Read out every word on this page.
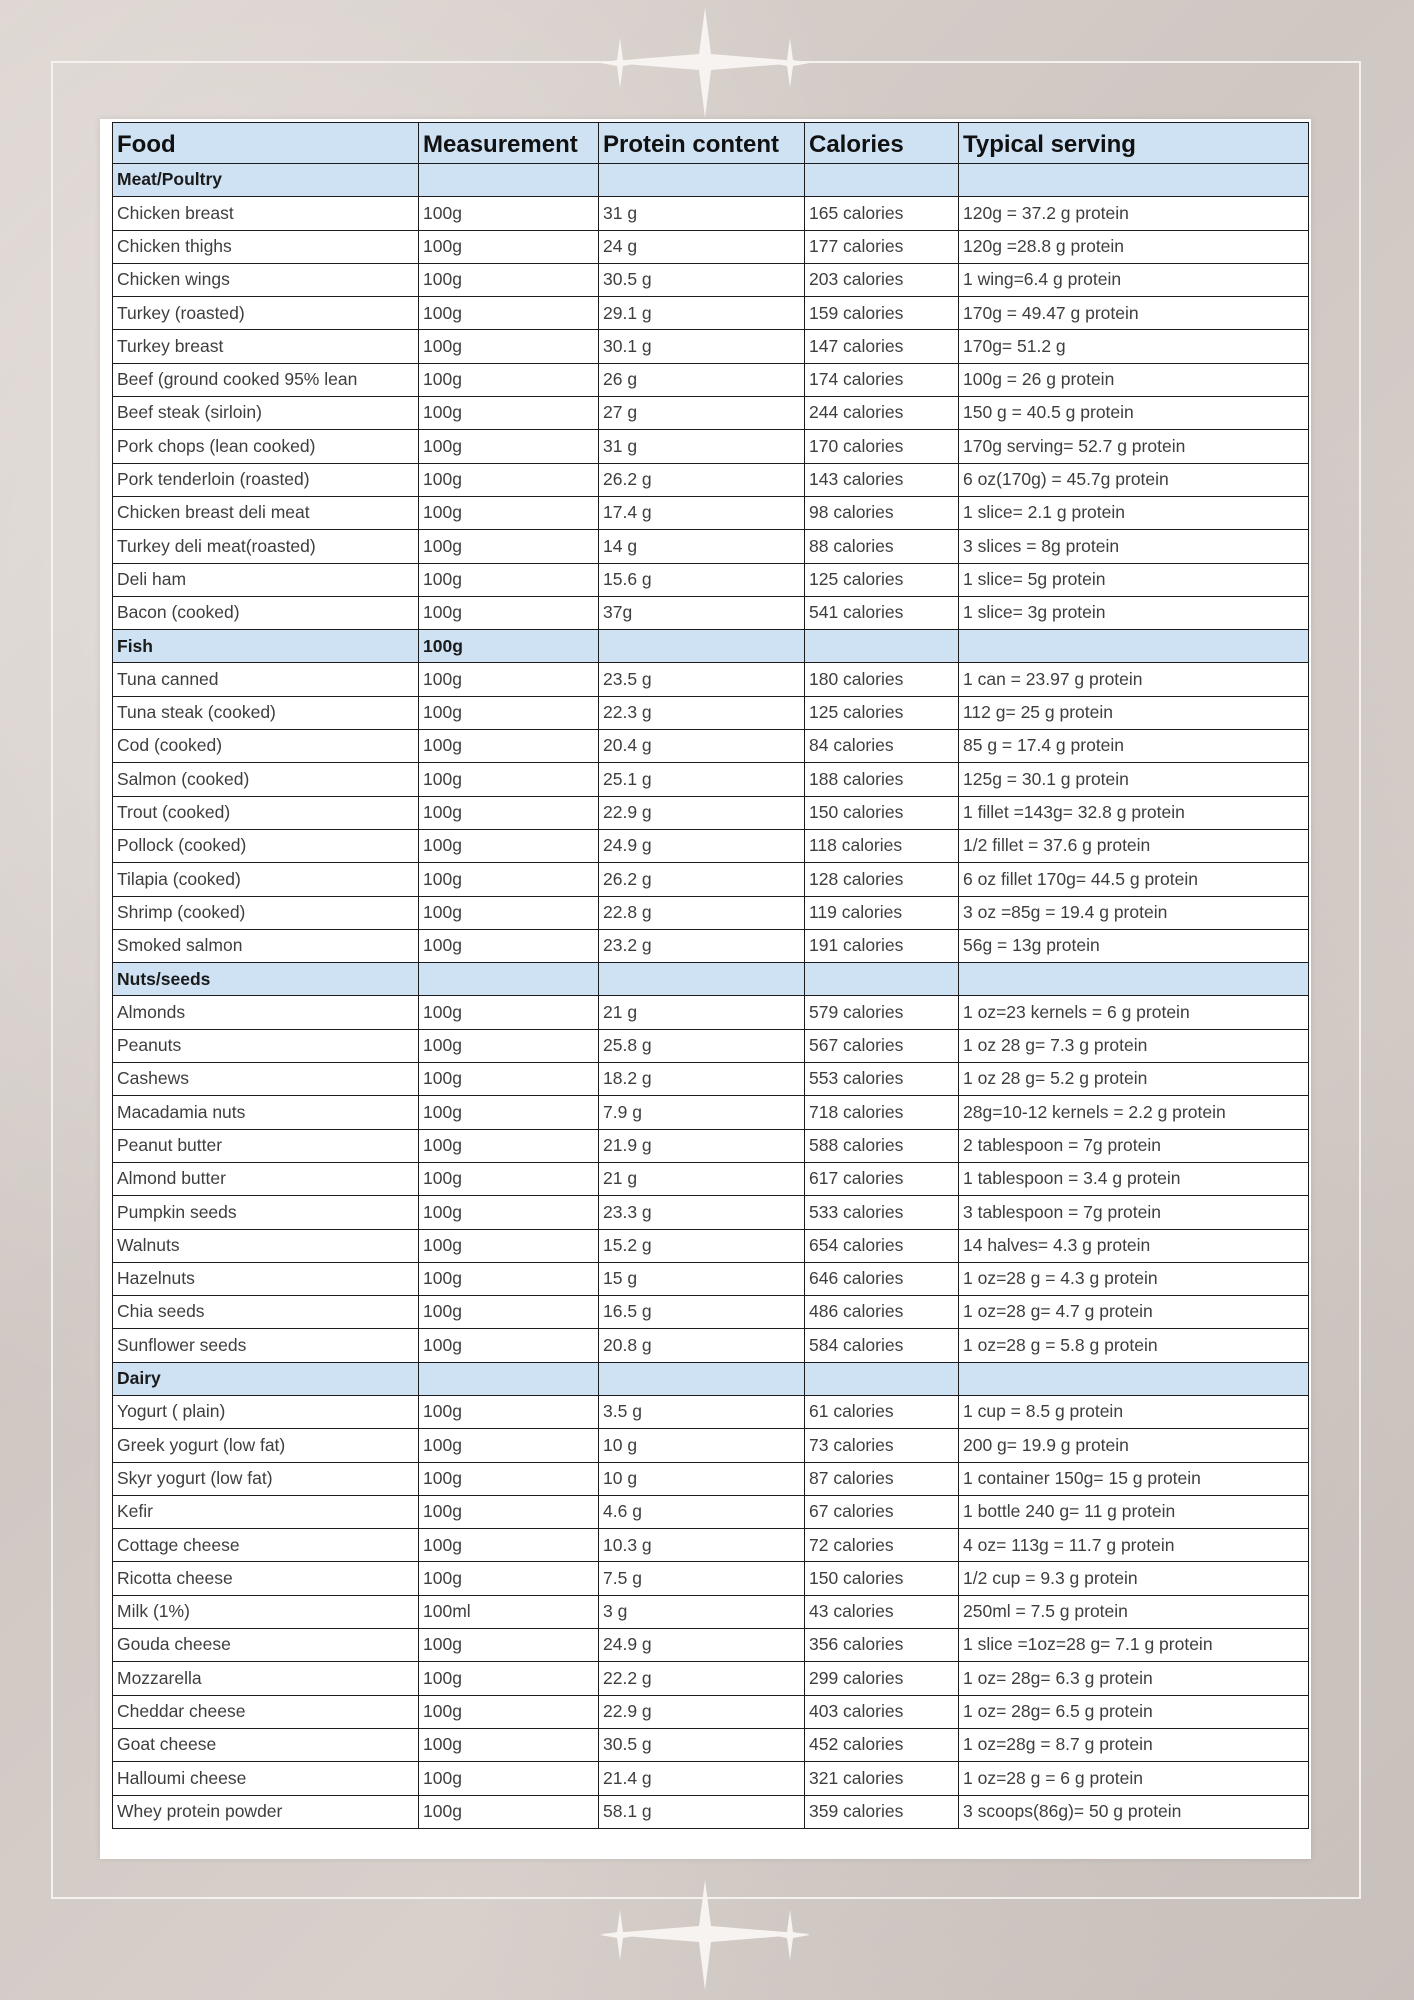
Food	Measurement	Protein content	Calories	Typical serving
Meat/Poultry				
Chicken breast	100g	31 g	165 calories	120g = 37.2 g protein
Chicken thighs	100g	24 g	177 calories	120g =28.8 g protein
Chicken wings	100g	30.5 g	203 calories	1 wing=6.4 g protein
Turkey (roasted)	100g	29.1 g	159 calories	170g = 49.47 g protein
Turkey breast	100g	30.1 g	147 calories	170g= 51.2 g
Beef (ground cooked 95% lean	100g	26 g	174 calories	100g = 26 g protein
Beef steak (sirloin)	100g	27 g	244 calories	150 g = 40.5 g protein
Pork chops (lean cooked)	100g	31 g	170 calories	170g serving= 52.7 g protein
Pork tenderloin (roasted)	100g	26.2 g	143 calories	6 oz(170g) = 45.7g protein
Chicken breast deli meat	100g	17.4 g	98 calories	1 slice= 2.1 g protein
Turkey deli meat(roasted)	100g	14 g	88 calories	3 slices = 8g protein
Deli ham	100g	15.6 g	125 calories	1 slice= 5g protein
Bacon (cooked)	100g	37g	541 calories	1 slice= 3g protein
Fish	100g			
Tuna canned	100g	23.5 g	180 calories	1 can = 23.97 g protein
Tuna steak (cooked)	100g	22.3 g	125 calories	112 g= 25 g protein
Cod (cooked)	100g	20.4 g	84 calories	85 g = 17.4 g protein
Salmon (cooked)	100g	25.1 g	188 calories	125g = 30.1 g protein
Trout (cooked)	100g	22.9 g	150 calories	1 fillet =143g= 32.8 g protein
Pollock (cooked)	100g	24.9 g	118 calories	1/2 fillet = 37.6 g protein
Tilapia (cooked)	100g	26.2 g	128 calories	6 oz fillet 170g= 44.5 g protein
Shrimp (cooked)	100g	22.8 g	119 calories	3 oz =85g = 19.4 g protein
Smoked salmon	100g	23.2 g	191 calories	56g = 13g protein
Nuts/seeds				
Almonds	100g	21 g	579 calories	1 oz=23 kernels = 6 g protein
Peanuts	100g	25.8 g	567 calories	1 oz 28 g= 7.3 g protein
Cashews	100g	18.2 g	553 calories	1 oz 28 g= 5.2 g protein
Macadamia nuts	100g	7.9 g	718 calories	28g=10-12 kernels = 2.2 g protein
Peanut butter	100g	21.9 g	588 calories	2 tablespoon = 7g protein
Almond butter	100g	21 g	617 calories	1 tablespoon = 3.4 g protein
Pumpkin seeds	100g	23.3 g	533 calories	3 tablespoon = 7g protein
Walnuts	100g	15.2 g	654 calories	14 halves= 4.3 g protein
Hazelnuts	100g	15 g	646 calories	1 oz=28 g = 4.3 g protein
Chia seeds	100g	16.5 g	486 calories	1 oz=28 g= 4.7 g protein
Sunflower seeds	100g	20.8 g	584 calories	1 oz=28 g = 5.8 g protein
Dairy				
Yogurt ( plain)	100g	3.5 g	61 calories	1 cup = 8.5 g protein
Greek yogurt (low fat)	100g	10 g	73 calories	200 g= 19.9 g protein
Skyr yogurt (low fat)	100g	10 g	87 calories	1 container 150g= 15 g protein
Kefir	100g	4.6 g	67 calories	1 bottle 240 g= 11 g protein
Cottage cheese	100g	10.3 g	72 calories	4 oz= 113g = 11.7 g protein
Ricotta cheese	100g	7.5 g	150 calories	1/2 cup = 9.3 g protein
Milk (1%)	100ml	3 g	43 calories	250ml = 7.5 g protein
Gouda cheese	100g	24.9 g	356 calories	1 slice =1oz=28 g= 7.1 g protein
Mozzarella	100g	22.2 g	299 calories	1 oz= 28g= 6.3 g protein
Cheddar cheese	100g	22.9 g	403 calories	1 oz= 28g= 6.5 g protein
Goat cheese	100g	30.5 g	452 calories	1 oz=28g = 8.7 g protein
Halloumi cheese	100g	21.4 g	321 calories	1 oz=28 g = 6 g protein
Whey protein powder	100g	58.1 g	359 calories	3 scoops(86g)= 50 g protein
